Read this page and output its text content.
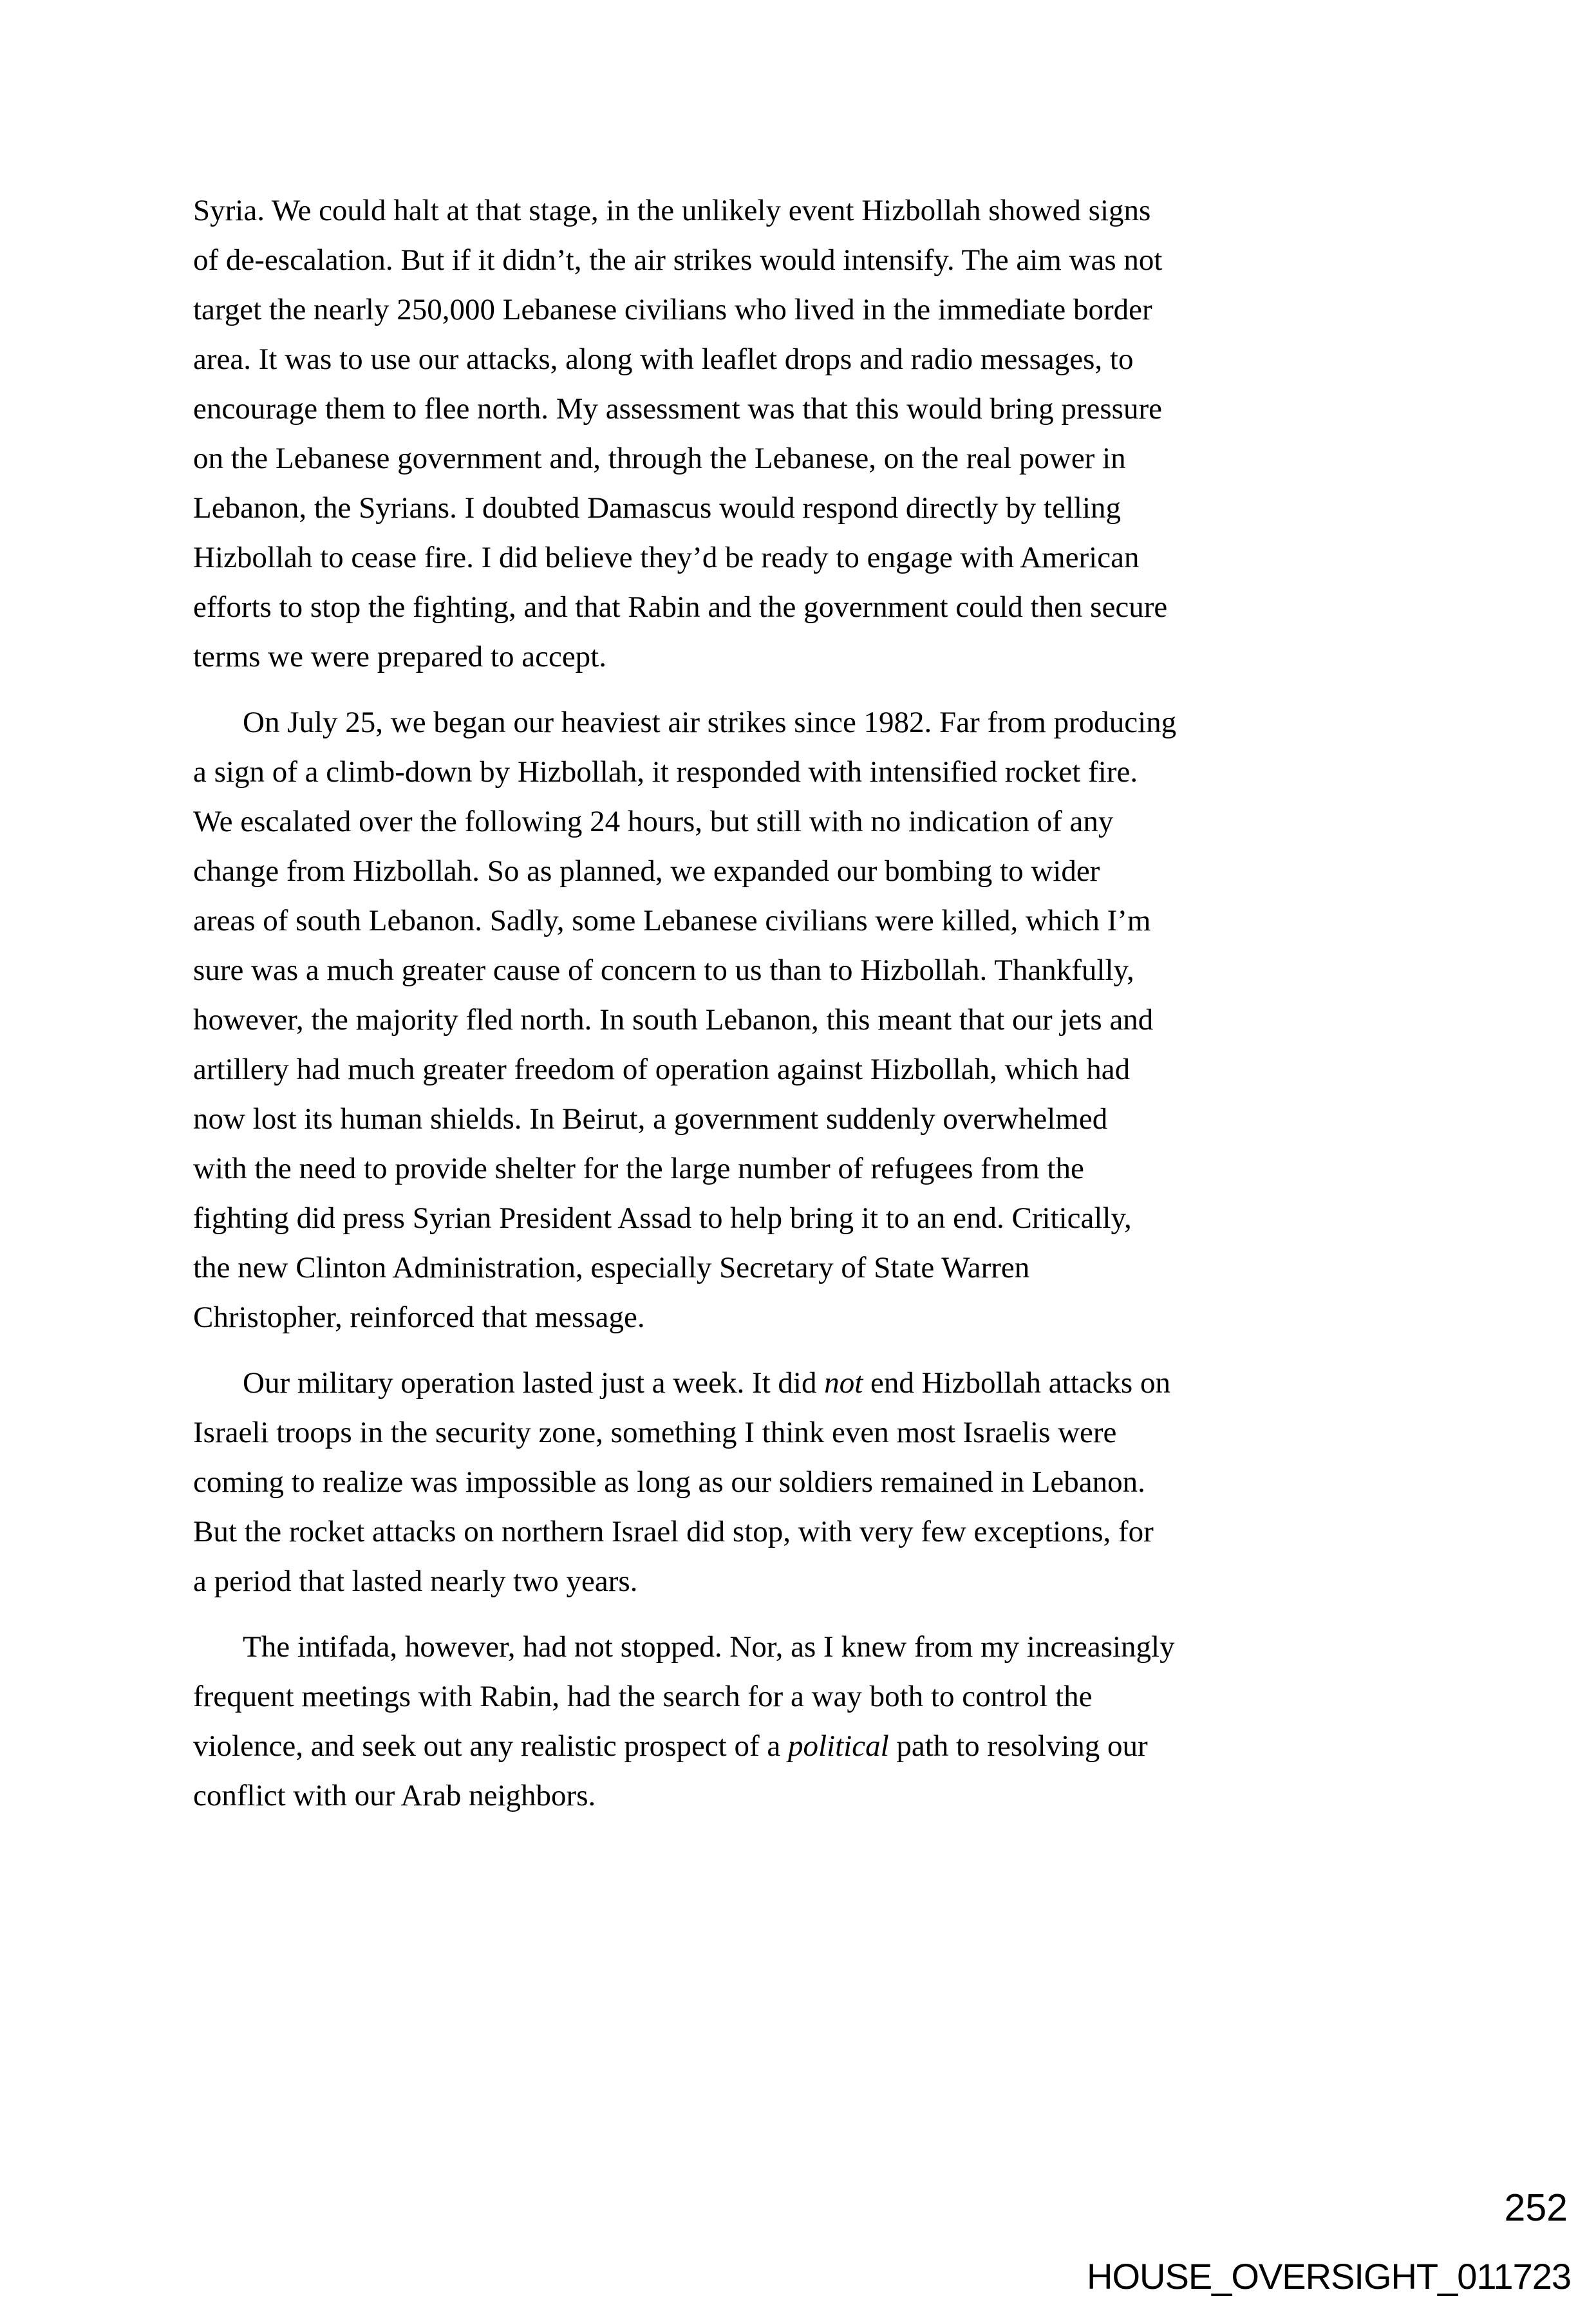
Syria. We could halt at that stage, in the unlikely event Hizbollah showed signs
of de-escalation. But if it didn’t, the air strikes would intensify. The aim was not
target the nearly 250,000 Lebanese civilians who lived in the immediate border
area. It was to use our attacks, along with leaflet drops and radio messages, to
encourage them to flee north. My assessment was that this would bring pressure
on the Lebanese government and, through the Lebanese, on the real power in
Lebanon, the Syrians. I doubted Damascus would respond directly by telling
Hizbollah to cease fire. I did believe they’d be ready to engage with American
efforts to stop the fighting, and that Rabin and the government could then secure
terms we were prepared to accept.

On July 25, we began our heaviest air strikes since 1982. Far from producing
a sign of a climb-down by Hizbollah, it responded with intensified rocket fire.
We escalated over the following 24 hours, but still with no indication of any
change from Hizbollah. So as planned, we expanded our bombing to wider
areas of south Lebanon. Sadly, some Lebanese civilians were killed, which I’m
sure was a much greater cause of concern to us than to Hizbollah. Thankfully,
however, the majority fled north. In south Lebanon, this meant that our jets and
artillery had much greater freedom of operation against Hizbollah, which had
now lost its human shields. In Beirut, a government suddenly overwhelmed
with the need to provide shelter for the large number of refugees from the
fighting did press Syrian President Assad to help bring it to an end. Critically,
the new Clinton Administration, especially Secretary of State Warren
Christopher, reinforced that message.

Our military operation lasted just a week. It did not end Hizbollah attacks on
Israeli troops in the security zone, something I think even most Israelis were
coming to realize was impossible as long as our soldiers remained in Lebanon.
But the rocket attacks on northern Israel did stop, with very few exceptions, for
a period that lasted nearly two years.

The intifada, however, had not stopped. Nor, as I knew from my increasingly
frequent meetings with Rabin, had the search for a way both to control the
violence, and seek out any realistic prospect of a political path to resolving our
conflict with our Arab neighbors.

252
HOUSE_OVERSIGHT_011723
